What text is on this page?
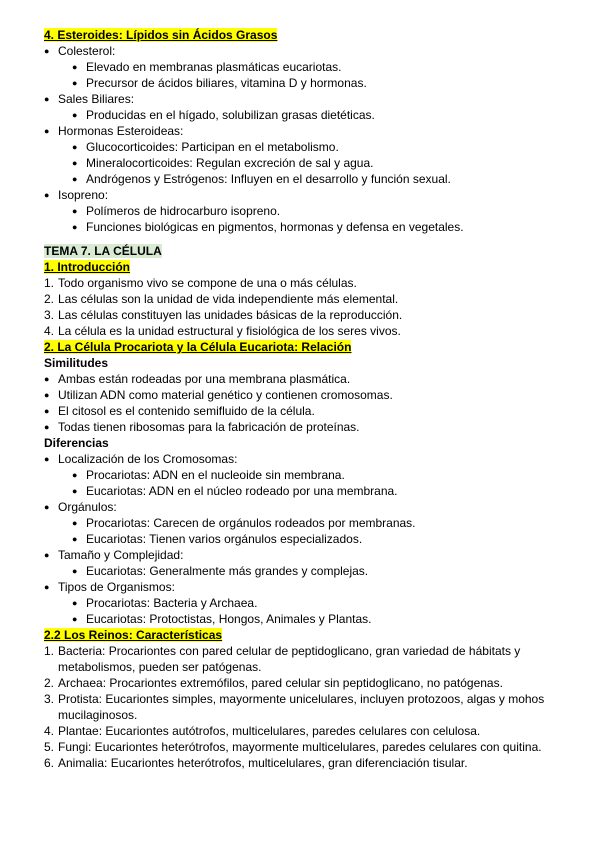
4. Esteroides: Lípidos sin Ácidos Grasos
● Colesterol:
● Elevado en membranas plasmáticas eucariotas.
● Precursor de ácidos biliares, vitamina D y hormonas.
● Sales Biliares:
● Producidas en el hígado, solubilizan grasas dietéticas.
● Hormonas Esteroideas:
● Glucocorticoides: Participan en el metabolismo.
● Mineralocorticoides: Regulan excreción de sal y agua.
● Andrógenos y Estrógenos: Influyen en el desarrollo y función sexual.
● Isopreno:
● Polímeros de hidrocarburo isopreno.
● Funciones biológicas en pigmentos, hormonas y defensa en vegetales.
TEMA 7. LA CÉLULA
1. Introducción
1. Todo organismo vivo se compone de una o más células.
2. Las células son la unidad de vida independiente más elemental.
3. Las células constituyen las unidades básicas de la reproducción.
4. La célula es la unidad estructural y fisiológica de los seres vivos.
2. La Célula Procariota y la Célula Eucariota: Relación
Similitudes
● Ambas están rodeadas por una membrana plasmática.
● Utilizan ADN como material genético y contienen cromosomas.
● El citosol es el contenido semifluido de la célula.
● Todas tienen ribosomas para la fabricación de proteínas.
Diferencias
● Localización de los Cromosomas:
● Procariotas: ADN en el nucleoide sin membrana.
● Eucariotas: ADN en el núcleo rodeado por una membrana.
● Orgánulos:
● Procariotas: Carecen de orgánulos rodeados por membranas.
● Eucariotas: Tienen varios orgánulos especializados.
● Tamaño y Complejidad:
● Eucariotas: Generalmente más grandes y complejas.
● Tipos de Organismos:
● Procariotas: Bacteria y Archaea.
● Eucariotas: Protoctistas, Hongos, Animales y Plantas.
2.2 Los Reinos: Características
1. Bacteria: Procariontes con pared celular de peptidoglicano, gran variedad de hábitats y
metabolismos, pueden ser patógenas.
2. Archaea: Procariontes extremófilos, pared celular sin peptidoglicano, no patógenas.
3. Protista: Eucariontes simples, mayormente unicelulares, incluyen protozoos, algas y mohos
mucilaginosos.
4. Plantae: Eucariontes autótrofos, multicelulares, paredes celulares con celulosa.
5. Fungi: Eucariontes heterótrofos, mayormente multicelulares, paredes celulares con quitina.
6. Animalia: Eucariontes heterótrofos, multicelulares, gran diferenciación tisular.
